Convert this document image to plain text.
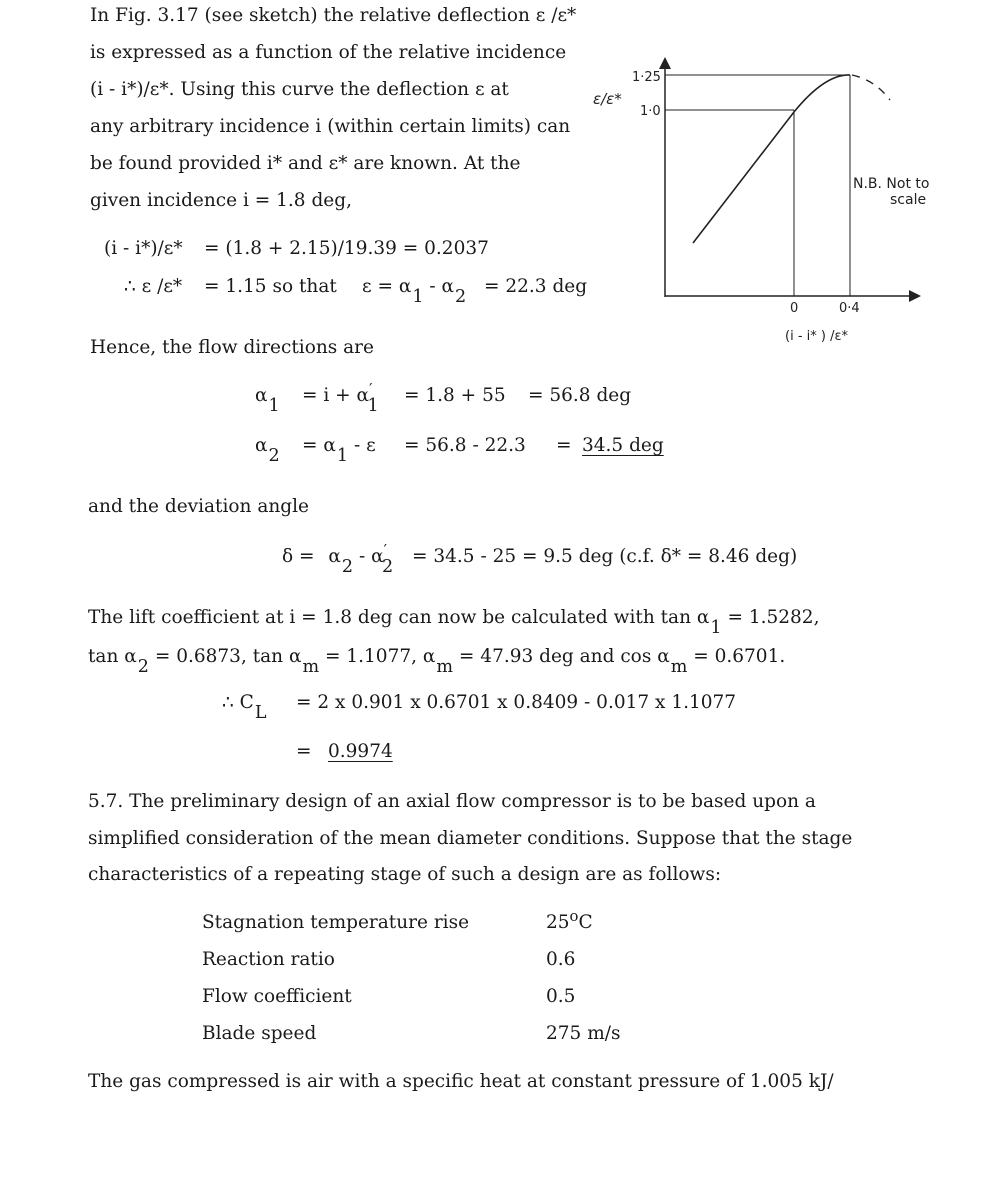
In Fig. 3.17 (see sketch) the relative deflection ε /ε*
is expressed as a function of the relative incidence
(i - i*)/ε*. Using this curve the deflection ε at
any arbitrary incidence i (within certain limits) can
be found provided i* and ε* are known. At the
given incidence i = 1.8 deg,
(i - i*)/ε* = (1.8 + 2.15)/19.39 = 0.2037
∴ ε /ε* = 1.15 so that ε = α1 - α2 = 22.3 deg
Hence, the flow directions are
α1 = i + α′1 = 1.8 + 55 = 56.8 deg
α2 = α1 - ε = 56.8 - 22.3 = 34.5 deg
and the deviation angle
δ = α2 - α′2 = 34.5 - 25 = 9.5 deg (c.f. δ* = 8.46 deg)
The lift coefficient at i = 1.8 deg can now be calculated with tan α1 = 1.5282,
tan α2 = 0.6873, tan αm = 1.1077, αm = 47.93 deg and cos αm = 0.6701.
∴ CL = 2 x 0.901 x 0.6701 x 0.8409 - 0.017 x 1.1077
= 0.9974
5.7. The preliminary design of an axial flow compressor is to be based upon a
simplified consideration of the mean diameter conditions. Suppose that the stage
characteristics of a repeating stage of such a design are as follows:
Stagnation temperature rise	25$^o$C
Reaction ratio	0.6
Flow coefficient	0.5
Blade speed	275 m/s
The gas compressed is air with a specific heat at constant pressure of 1.005 kJ/
ε/ε*
1·25
1·0
0	0·4
(i - i* ) /ε*
N.B. Not to
scale
